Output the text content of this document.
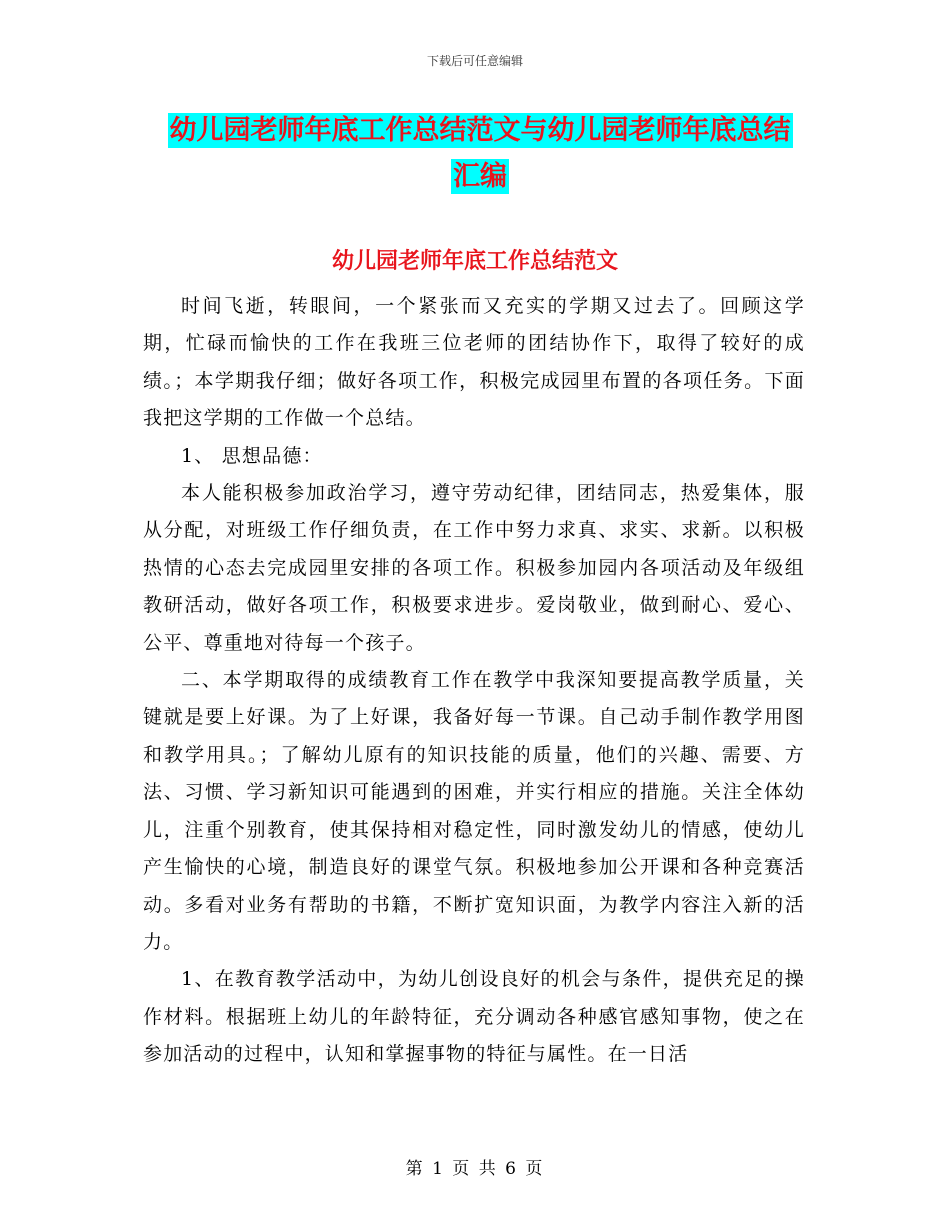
下载后可任意编辑
幼儿园老师年底工作总结范文与幼儿园老师年底总结
汇编
幼儿园老师年底工作总结范文

时间飞逝，转眼间，一个紧张而又充实的学期又过去了。回顾这学期，忙碌而愉快的工作在我班三位老师的团结协作下，取得了较好的成绩。；本学期我仔细；做好各项工作，积极完成园里布置的各项任务。下面我把这学期的工作做一个总结。

1、 思想品德：

本人能积极参加政治学习，遵守劳动纪律，团结同志，热爱集体，服从分配，对班级工作仔细负责，在工作中努力求真、求实、求新。以积极热情的心态去完成园里安排的各项工作。积极参加园内各项活动及年级组教研活动，做好各项工作，积极要求进步。爱岗敬业，做到耐心、爱心、公平、尊重地对待每一个孩子。

二、本学期取得的成绩教育工作在教学中我深知要提高教学质量，关键就是要上好课。为了上好课，我备好每一节课。自己动手制作教学用图和教学用具。；了解幼儿原有的知识技能的质量，他们的兴趣、需要、方法、习惯、学习新知识可能遇到的困难，并实行相应的措施。关注全体幼儿，注重个别教育，使其保持相对稳定性，同时激发幼儿的情感，使幼儿产生愉快的心境，制造良好的课堂气氛。积极地参加公开课和各种竞赛活动。多看对业务有帮助的书籍，不断扩宽知识面，为教学内容注入新的活力。

1、在教育教学活动中，为幼儿创设良好的机会与条件，提供充足的操作材料。根据班上幼儿的年龄特征，充分调动各种感官感知事物，使之在参加活动的过程中，认知和掌握事物的特征与属性。在一日活

第 1 页 共 6 页
